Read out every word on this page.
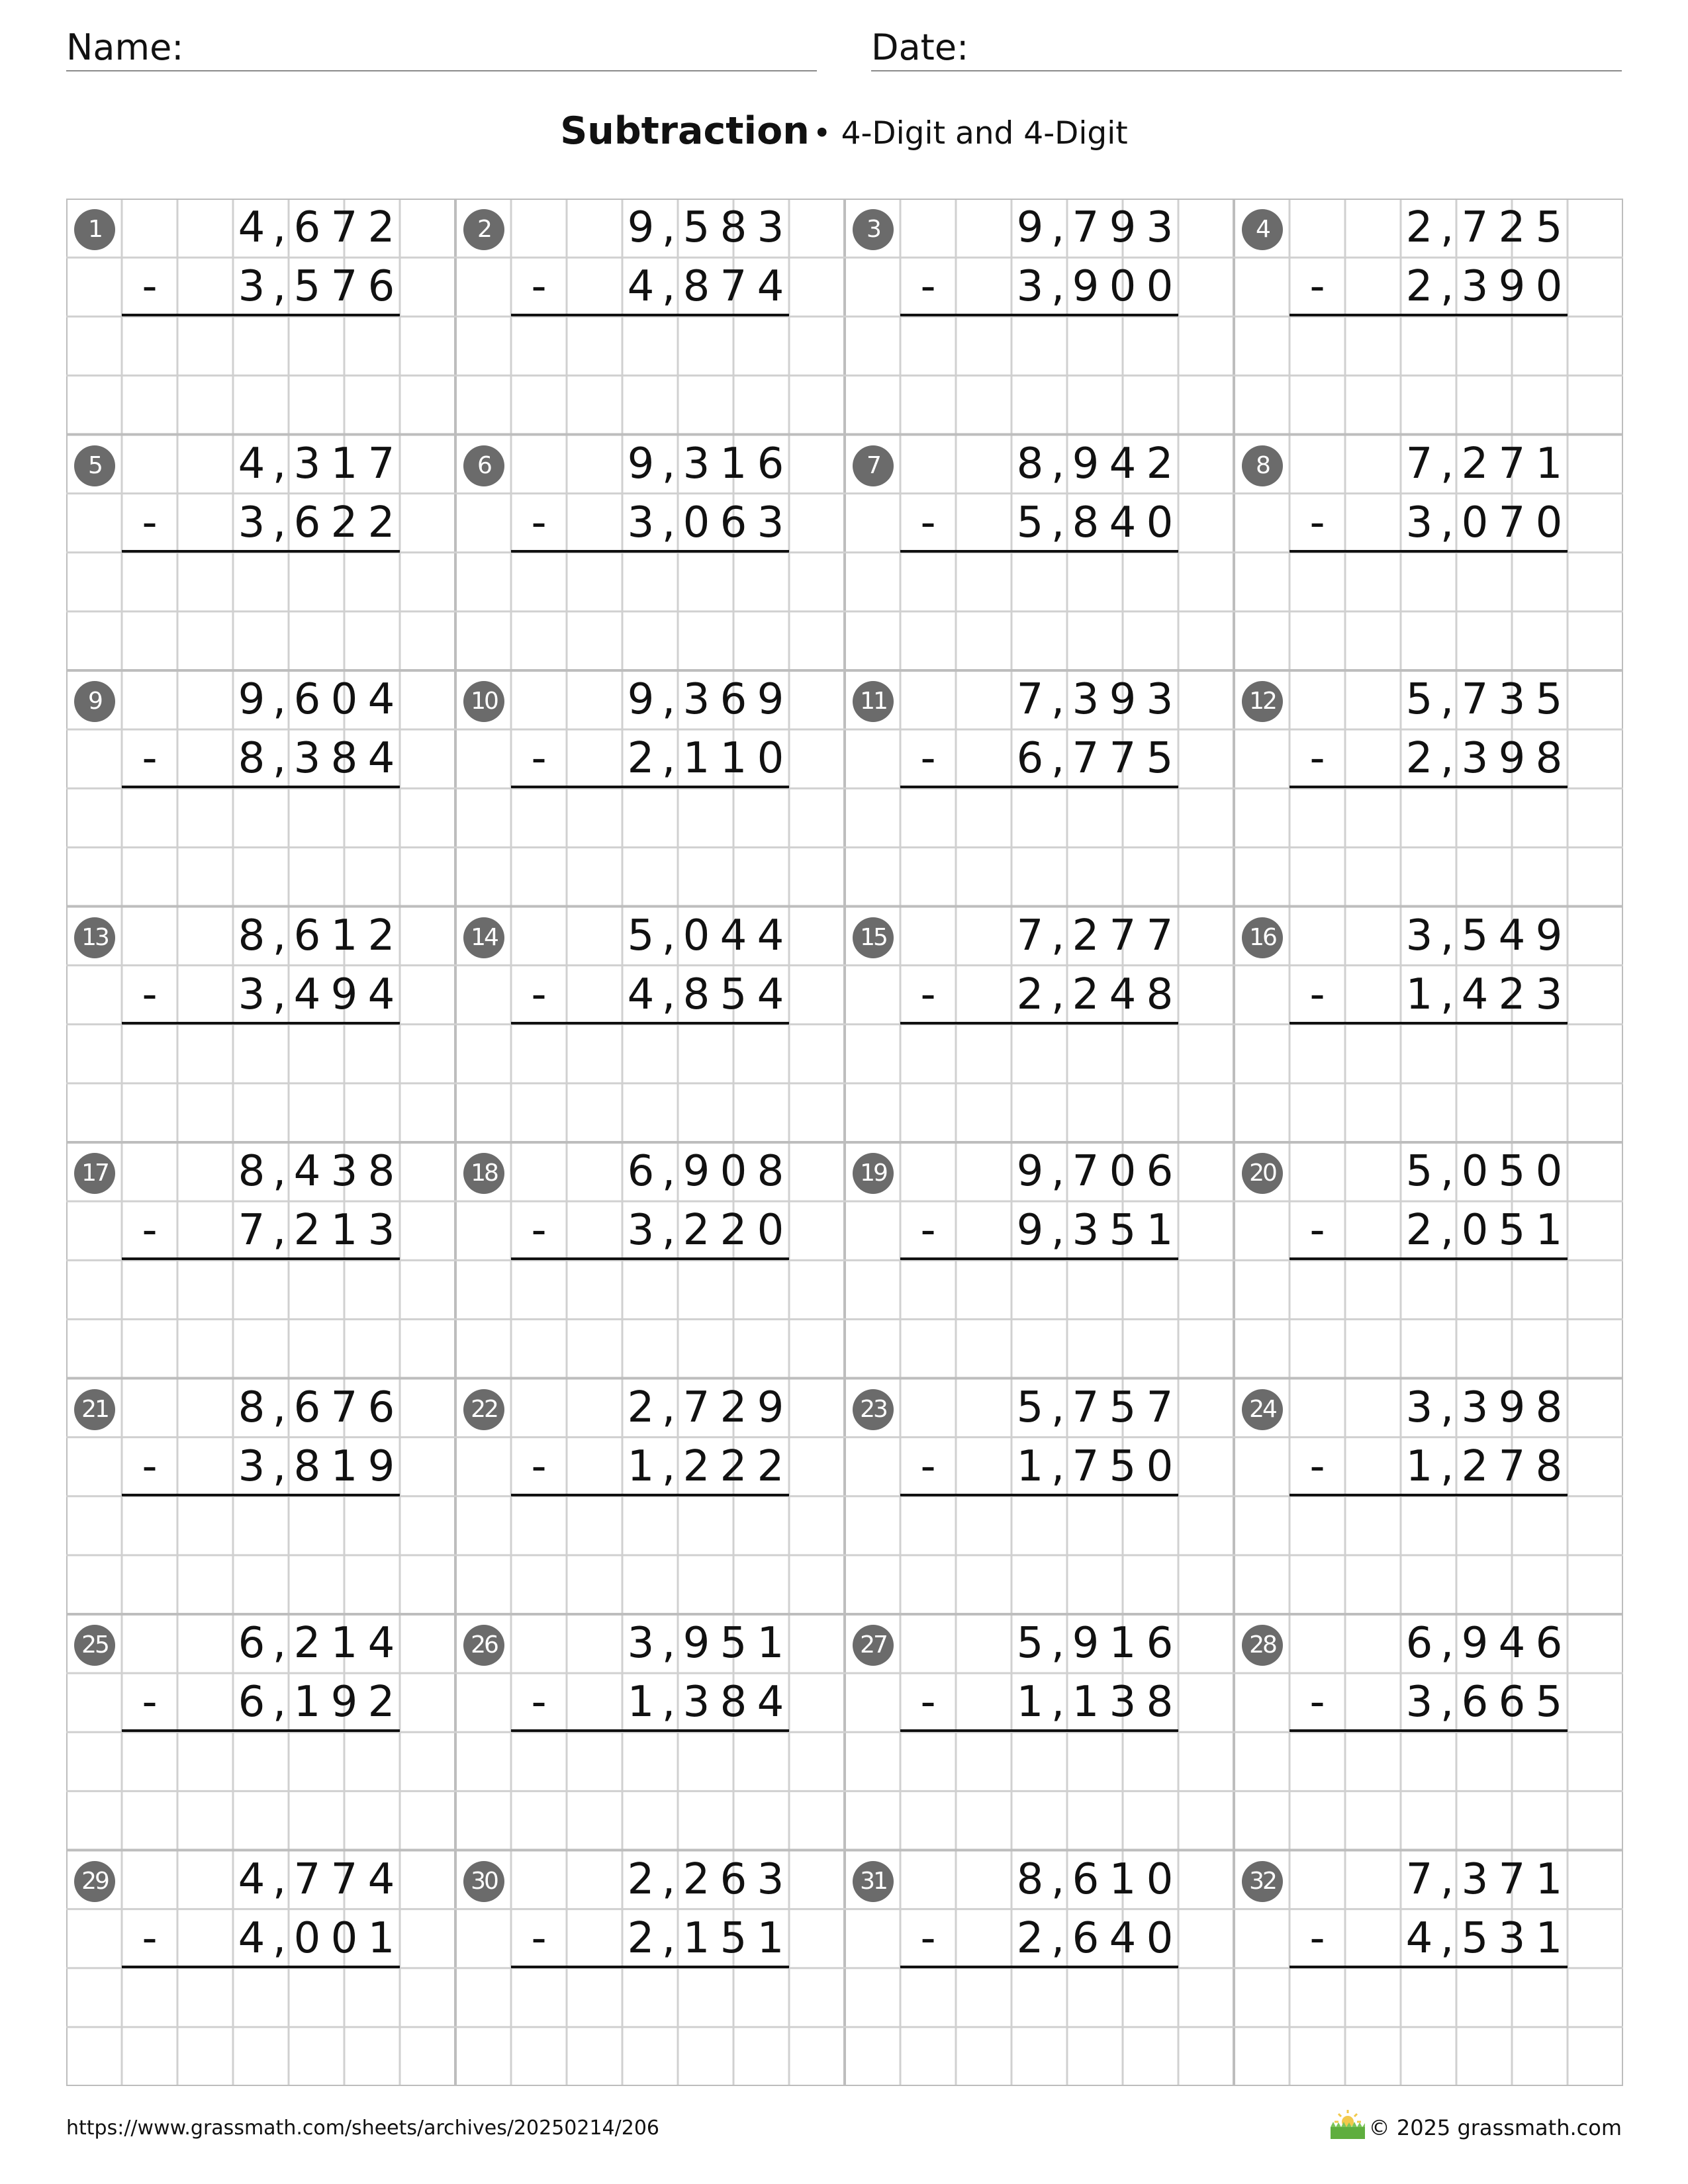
Name:	Date:
Subtraction • 4-Digit and 4-Digit
1	4 , 6 7 2
-	3 , 5 7 6
2	9 , 5 8 3
-	4 , 8 7 4
3	9 , 7 9 3
-	3 , 9 0 0
4	2 , 7 2 5
-	2 , 3 9 0
5	4 , 3 1 7
-	3 , 6 2 2
6	9 , 3 1 6
-	3 , 0 6 3
7	8 , 9 4 2
-	5 , 8 4 0
8	7 , 2 7 1
-	3 , 0 7 0
9	9 , 6 0 4
-	8 , 3 8 4
10	9 , 3 6 9
-	2 , 1 1 0
11	7 , 3 9 3
-	6 , 7 7 5
12	5 , 7 3 5
-	2 , 3 9 8
13	8 , 6 1 2
-	3 , 4 9 4
14	5 , 0 4 4
-	4 , 8 5 4
15	7 , 2 7 7
-	2 , 2 4 8
16	3 , 5 4 9
-	1 , 4 2 3
17	8 , 4 3 8
-	7 , 2 1 3
18	6 , 9 0 8
-	3 , 2 2 0
19	9 , 7 0 6
-	9 , 3 5 1
20	5 , 0 5 0
-	2 , 0 5 1
21	8 , 6 7 6
-	3 , 8 1 9
22	2 , 7 2 9
-	1 , 2 2 2
23	5 , 7 5 7
-	1 , 7 5 0
24	3 , 3 9 8
-	1 , 2 7 8
25	6 , 2 1 4
-	6 , 1 9 2
26	3 , 9 5 1
-	1 , 3 8 4
27	5 , 9 1 6
-	1 , 1 3 8
28	6 , 9 4 6
-	3 , 6 6 5
29	4 , 7 7 4
-	4 , 0 0 1
30	2 , 2 6 3
-	2 , 1 5 1
31	8 , 6 1 0
-	2 , 6 4 0
32	7 , 3 7 1
-	4 , 5 3 1
https://www.grassmath.com/sheets/archives/20250214/206	© 2025 grassmath.com
